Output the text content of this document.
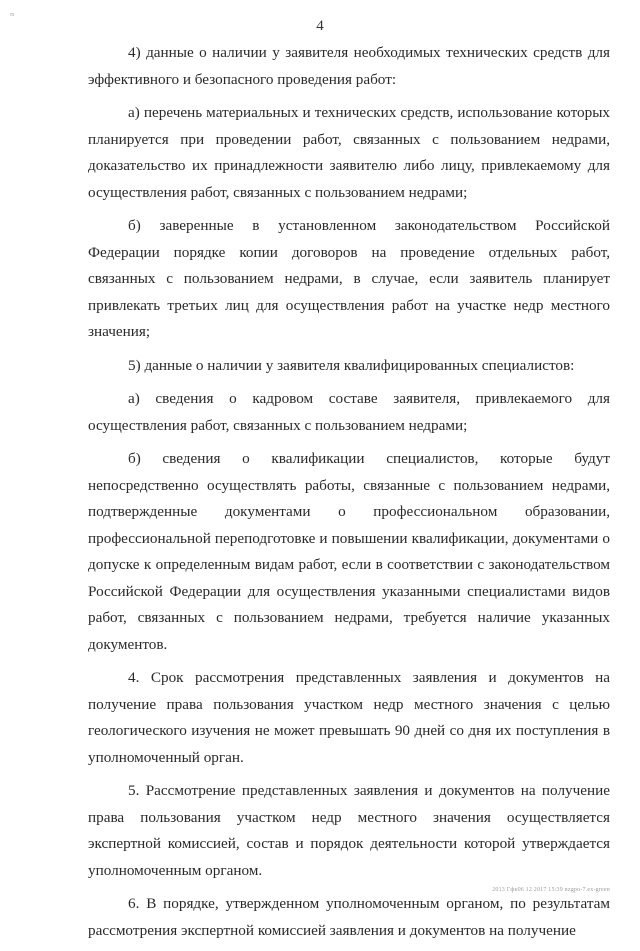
≈
4

4) данные о наличии у заявителя необходимых технических средств для эффективного и безопасного проведения работ:

а) перечень материальных и технических средств, использование которых планируется при проведении работ, связанных с пользованием недрами, доказательство их принадлежности заявителю либо лицу, привлекаемому для осуществления работ, связанных с пользованием недрами;

б) заверенные в установленном законодательством Российской Федерации порядке копии договоров на проведение отдельных работ, связанных с пользованием недрами, в случае, если заявитель планирует привлекать третьих лиц для осуществления работ на участке недр местного значения;

5) данные о наличии у заявителя квалифицированных специалистов:

а) сведения о кадровом составе заявителя, привлекаемого для осуществления работ, связанных с пользованием недрами;

б) сведения о квалификации специалистов, которые будут непосредственно осуществлять работы, связанные с пользованием недрами, подтвержденные документами о профессиональном образовании, профессиональной переподготовке и повышении квалификации, документами о допуске к определенным видам работ, если в соответствии с законодательством Российской Федерации для осуществления указанными специалистами видов работ, связанных с пользованием недрами, требуется наличие указанных документов.

4. Срок рассмотрения представленных заявления и документов на получение права пользования участком недр местного значения с целью геологического изучения не может превышать 90 дней со дня их поступления в уполномоченный орган.

5. Рассмотрение представленных заявления и документов на получение права пользования участком недр местного значения осуществляется экспертной комиссией, состав и порядок деятельности которой утверждается уполномоченным органом.

6. В порядке, утвержденном уполномоченным органом, по результатам рассмотрения экспертной комиссией заявления и документов на получение

2013 Гфк06 12 2017 15:39 nzgpo-7.ex-green
